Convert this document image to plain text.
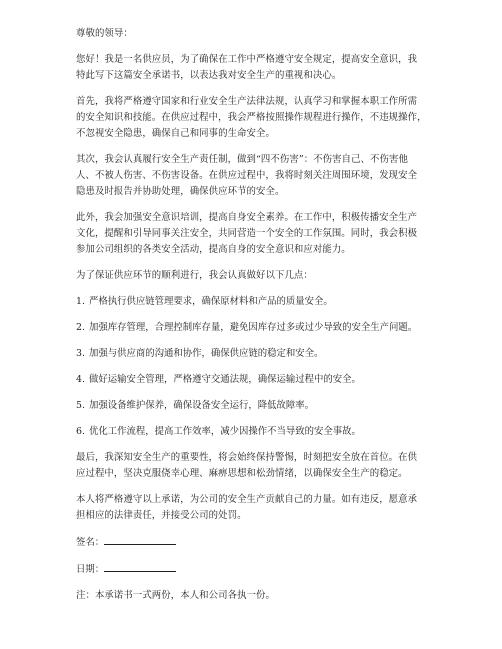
尊敬的领导：

您好！我是一名供应员，为了确保在工作中严格遵守安全规定，提高安全意识，我
特此写下这篇安全承诺书，以表达我对安全生产的重视和决心。

首先，我将严格遵守国家和行业安全生产法律法规，认真学习和掌握本职工作所需
的安全知识和技能。在供应过程中，我会严格按照操作规程进行操作，不违规操作，
不忽视安全隐患，确保自己和同事的生命安全。

其次，我会认真履行安全生产责任制，做到“四不伤害”：不伤害自己、不伤害他
人、不被人伤害、不伤害设备。在供应过程中，我将时刻关注周围环境，发现安全
隐患及时报告并协助处理，确保供应环节的安全。

此外，我会加强安全意识培训，提高自身安全素养。在工作中，积极传播安全生产
文化，提醒和引导同事关注安全，共同营造一个安全的工作氛围。同时，我会积极
参加公司组织的各类安全活动，提高自身的安全意识和应对能力。

为了保证供应环节的顺利进行，我会认真做好以下几点：

1. 严格执行供应链管理要求，确保原材料和产品的质量安全。
2. 加强库存管理，合理控制库存量，避免因库存过多或过少导致的安全生产问题。
3. 加强与供应商的沟通和协作，确保供应链的稳定和安全。
4. 做好运输安全管理，严格遵守交通法规，确保运输过程中的安全。
5. 加强设备维护保养，确保设备安全运行，降低故障率。
6. 优化工作流程，提高工作效率，减少因操作不当导致的安全事故。

最后，我深知安全生产的重要性，将会始终保持警惕，时刻把安全放在首位。在供
应过程中，坚决克服侥幸心理、麻痹思想和松劲情绪，以确保安全生产的稳定。

本人将严格遵守以上承诺，为公司的安全生产贡献自己的力量。如有违反，愿意承
担相应的法律责任，并接受公司的处罚。

签名：
日期：

注：本承诺书一式两份，本人和公司各执一份。
